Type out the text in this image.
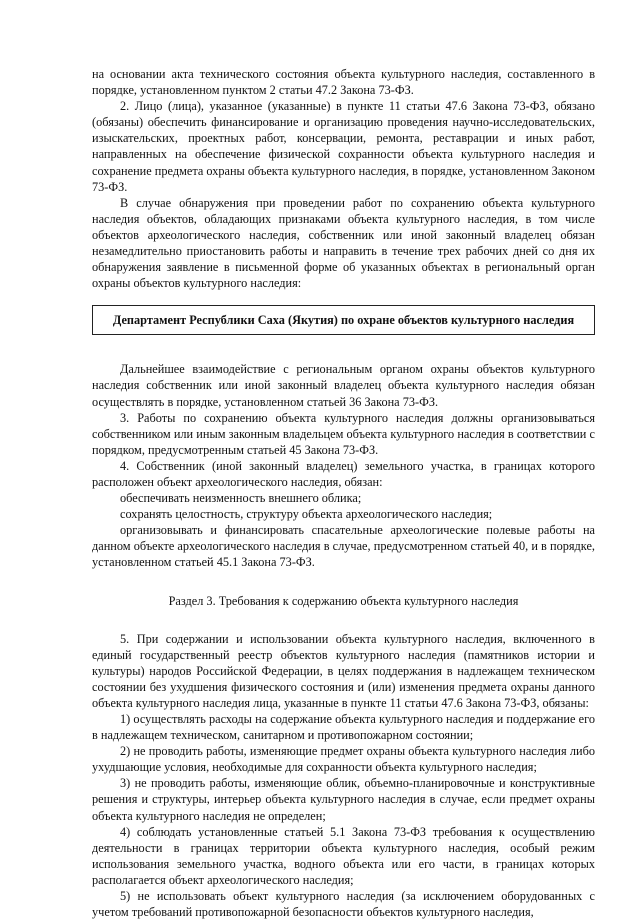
на основании акта технического состояния объекта культурного наследия, составленного в порядке, установленном пунктом 2 статьи 47.2 Закона 73-ФЗ.

2. Лицо (лица), указанное (указанные) в пункте 11 статьи 47.6 Закона 73-ФЗ, обязано (обязаны) обеспечить финансирование и организацию проведения научно-исследовательских, изыскательских, проектных работ, консервации, ремонта, реставрации и иных работ, направленных на обеспечение физической сохранности объекта культурного наследия и сохранение предмета охраны объекта культурного наследия, в порядке, установленном Законом 73-ФЗ.

В случае обнаружения при проведении работ по сохранению объекта культурного наследия объектов, обладающих признаками объекта культурного наследия, в том числе объектов археологического наследия, собственник или иной законный владелец обязан незамедлительно приостановить работы и направить в течение трех рабочих дней со дня их обнаружения заявление в письменной форме об указанных объектах в региональный орган охраны объектов культурного наследия:

Департамент Республики Саха (Якутия) по охране объектов культурного наследия

Дальнейшее взаимодействие с региональным органом охраны объектов культурного наследия собственник или иной законный владелец объекта культурного наследия обязан осуществлять в порядке, установленном статьей 36 Закона 73-ФЗ.

3. Работы по сохранению объекта культурного наследия должны организовываться собственником или иным законным владельцем объекта культурного наследия в соответствии с порядком, предусмотренным статьей 45 Закона 73-ФЗ.

4. Собственник (иной законный владелец) земельного участка, в границах которого расположен объект археологического наследия, обязан:

обеспечивать неизменность внешнего облика;

сохранять целостность, структуру объекта археологического наследия;

организовывать и финансировать спасательные археологические полевые работы на данном объекте археологического наследия в случае, предусмотренном статьей 40, и в порядке, установленном статьей 45.1 Закона 73-ФЗ.

Раздел 3. Требования к содержанию объекта культурного наследия

5. При содержании и использовании объекта культурного наследия, включенного в единый государственный реестр объектов культурного наследия (памятников истории и культуры) народов Российской Федерации, в целях поддержания в надлежащем техническом состоянии без ухудшения физического состояния и (или) изменения предмета охраны данного объекта культурного наследия лица, указанные в пункте 11 статьи 47.6 Закона 73-ФЗ, обязаны:

1) осуществлять расходы на содержание объекта культурного наследия и поддержание его в надлежащем техническом, санитарном и противопожарном состоянии;

2) не проводить работы, изменяющие предмет охраны объекта культурного наследия либо ухудшающие условия, необходимые для сохранности объекта культурного наследия;

3) не проводить работы, изменяющие облик, объемно-планировочные и конструктивные решения и структуры, интерьер объекта культурного наследия в случае, если предмет охраны объекта культурного наследия не определен;

4) соблюдать установленные статьей 5.1 Закона 73-ФЗ требования к осуществлению деятельности в границах территории объекта культурного наследия, особый режим использования земельного участка, водного объекта или его части, в границах которых располагается объект археологического наследия;

5) не использовать объект культурного наследия (за исключением оборудованных с учетом требований противопожарной безопасности объектов культурного наследия,
